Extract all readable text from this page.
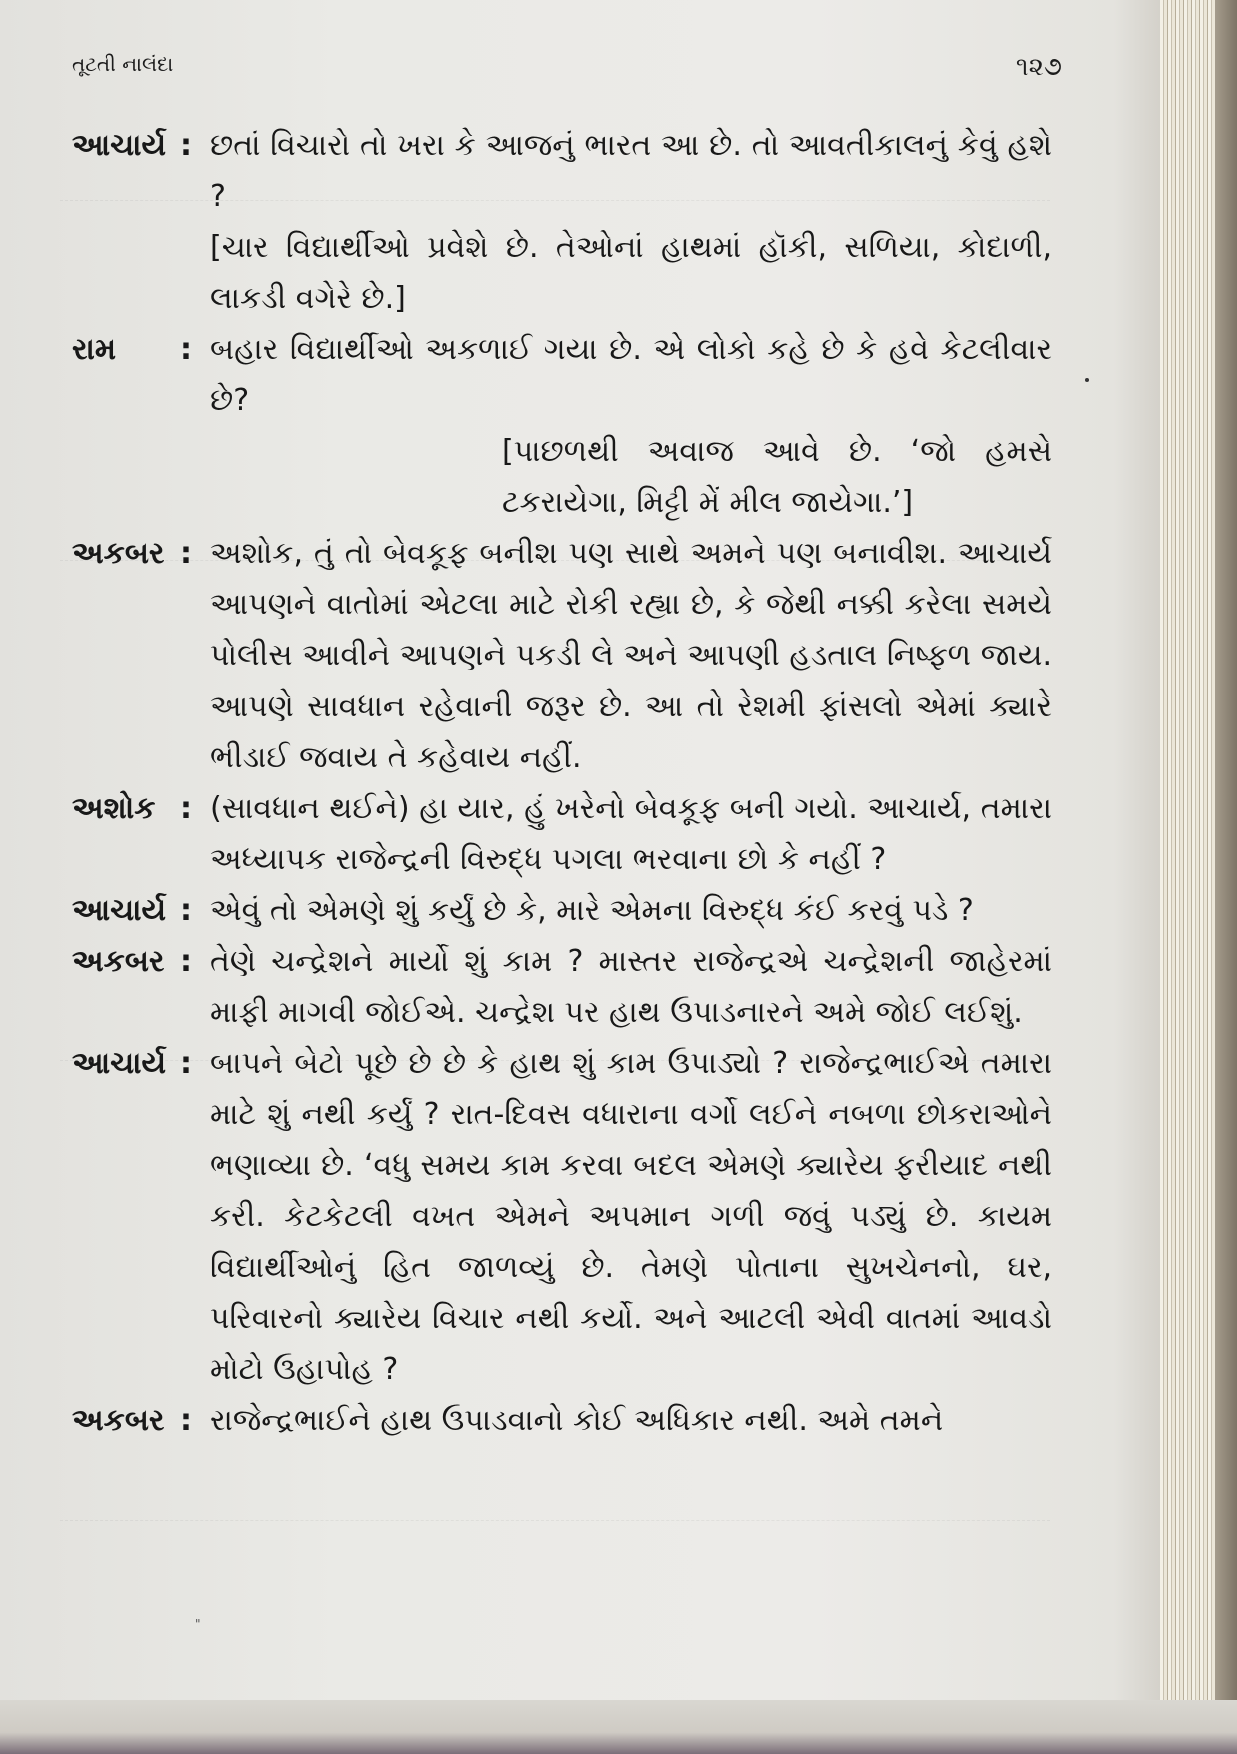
તૂટતી નાલંદા	૧૨૭
આચાર્ય : છતાં વિચારો તો ખરા કે આજનું ભારત આ છે. તો આવતીકાલનું કેવું હશે ?
[ચાર વિદ્યાર્થીઓ પ્રવેશે છે. તેઓનાં હાથમાં હૉકી, સળિયા, કોદાળી, લાકડી વગેરે છે.]
રામ	: બહાર વિદ્યાર્થીઓ અકળાઈ ગયા છે. એ લોકો કહે છે કે હવે કેટલીવાર છે?
[પાછળથી અવાજ આવે છે. ‘જો હમસે ટકરાયેગા, મિટ્ટી મેં મીલ જાયેગા.’]
અકબર : અશોક, તું તો બેવકૂફ બનીશ પણ સાથે અમને પણ બનાવીશ. આચાર્ય આપણને વાતોમાં એટલા માટે રોકી રહ્યા છે, કે જેથી નક્કી કરેલા સમયે પોલીસ આવીને આપણને પકડી લે અને આપણી હડતાલ નિષ્ફળ જાય. આપણે સાવધાન રહેવાની જરૂર છે. આ તો રેશમી ફાંસલો એમાં ક્યારે ભીડાઈ જવાય તે કહેવાય નહીં.
અશોક : (સાવધાન થઈને) હા યાર, હું ખરેનો બેવકૂફ બની ગયો. આચાર્ય, તમારા અધ્યાપક રાજેન્દ્રની વિરુદ્ધ પગલા ભરવાના છો કે નહીં ?
આચાર્ય : એવું તો એમણે શું કર્યું છે કે, મારે એમના વિરુદ્ધ કંઈ કરવું પડે ?
અકબર : તેણે ચન્દ્રેશને માર્યો શું કામ ? માસ્તર રાજેન્દ્રએ ચન્દ્રેશની જાહેરમાં માફી માગવી જોઈએ. ચન્દ્રેશ પર હાથ ઉપાડનારને અમે જોઈ લઈશું.
આચાર્ય : બાપને બેટો પૂછે છે છે કે હાથ શું કામ ઉપાડ્યો ? રાજેન્દ્રભાઈએ તમારા માટે શું નથી કર્યું ? રાત-દિવસ વધારાના વર્ગો લઈને નબળા છોકરાઓને ભણાવ્યા છે. ‘વધુ સમય કામ કરવા બદલ એમણે ક્યારેય ફરીયાદ નથી કરી. કેટકેટલી વખત એમને અપમાન ગળી જવું પડ્યું છે. કાયમ વિદ્યાર્થીઓનું હિત જાળવ્યું છે. તેમણે પોતાના સુખચેનનો, ઘર, પરિવારનો ક્યારેય વિચાર નથી કર્યો. અને આટલી એવી વાતમાં આવડો મોટો ઉહાપોહ ?
અકબર : રાજેન્દ્રભાઈને હાથ ઉપાડવાનો કોઈ અધિકાર નથી. અમે તમને
"
